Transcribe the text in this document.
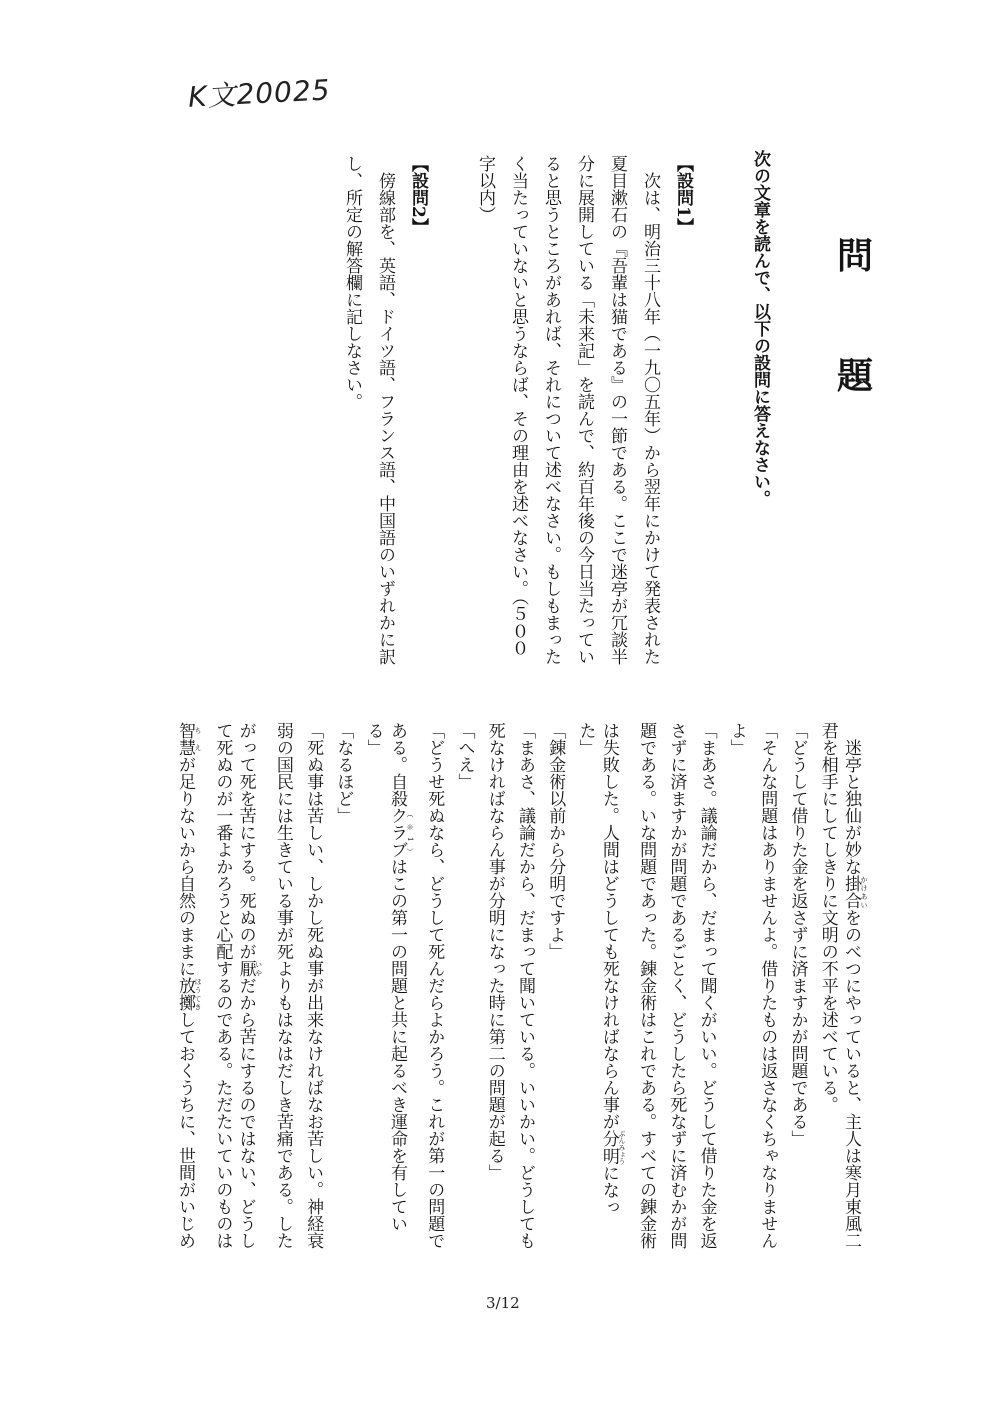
K文20025
問
題
次の文章を読んで、以下の設問に答えなさい。
【設問1】
【設問2】
3/12
　次は、明治三十八年（一九〇五年）から翌年にかけて発表された
夏目漱石の『吾輩は猫である』の一節である。ここで迷亭が冗談半
分に展開している「未来記」を読んで、約百年後の今日当たってい
ると思うところがあれば、それについて述べなさい。もしもまった
く当たっていないと思うならば、その理由を述べなさい。（５００
字以内）
　傍線部を、英語、ドイツ語、フランス語、中国語のいずれかに訳
し、所定の解答欄に記しなさい。
　迷亭と独仙が妙な掛合 かけあいをのべつにやっていると、主人は寒月東風二
君を相手にしてしきりに文明の不平を述べている。
「どうして借りた金を返さずに済ますかが問題である」
「そんな問題はありませんよ。借りたものは返さなくちゃなりません
よ」
「まあさ。議論だから、だまって聞くがいい。どうして借りた金を返
さずに済ますかが問題であるごとく、どうしたら死なずに済むかが問
題である。いな問題であった。錬金術はこれである。すべての錬金術
は失敗した。人間はどうしても死なければならん事が分明 ぶんみょうになっ
た」
「錬金術以前から分明ですよ」
「まあさ、議論だから、だまって聞いている。いいかい。どうしても
死なければならん事が分明になった時に第二の問題が起る」
「へえ」
「どうせ死ぬなら、どうして死んだらよかろう。これが第一の問題で
ある。自殺クラブ （※1）はこの第一の問題と共に起るべき運命を有してい
る」
「なるほど」
「死ぬ事は苦しい、しかし死ぬ事が出来なければなお苦しい。神経衰
弱の国民には生きている事が死よりもはなはだしき苦痛である。した
がって死を苦にする。死ぬのが厭 いやだから苦にするのではない、どうし
て死ぬのが一番よかろうと心配するのである。ただたいていのものは
智慧 ちえが足りないから自然のままに放擲 ほうてきしておくうちに、世間がいじめ
